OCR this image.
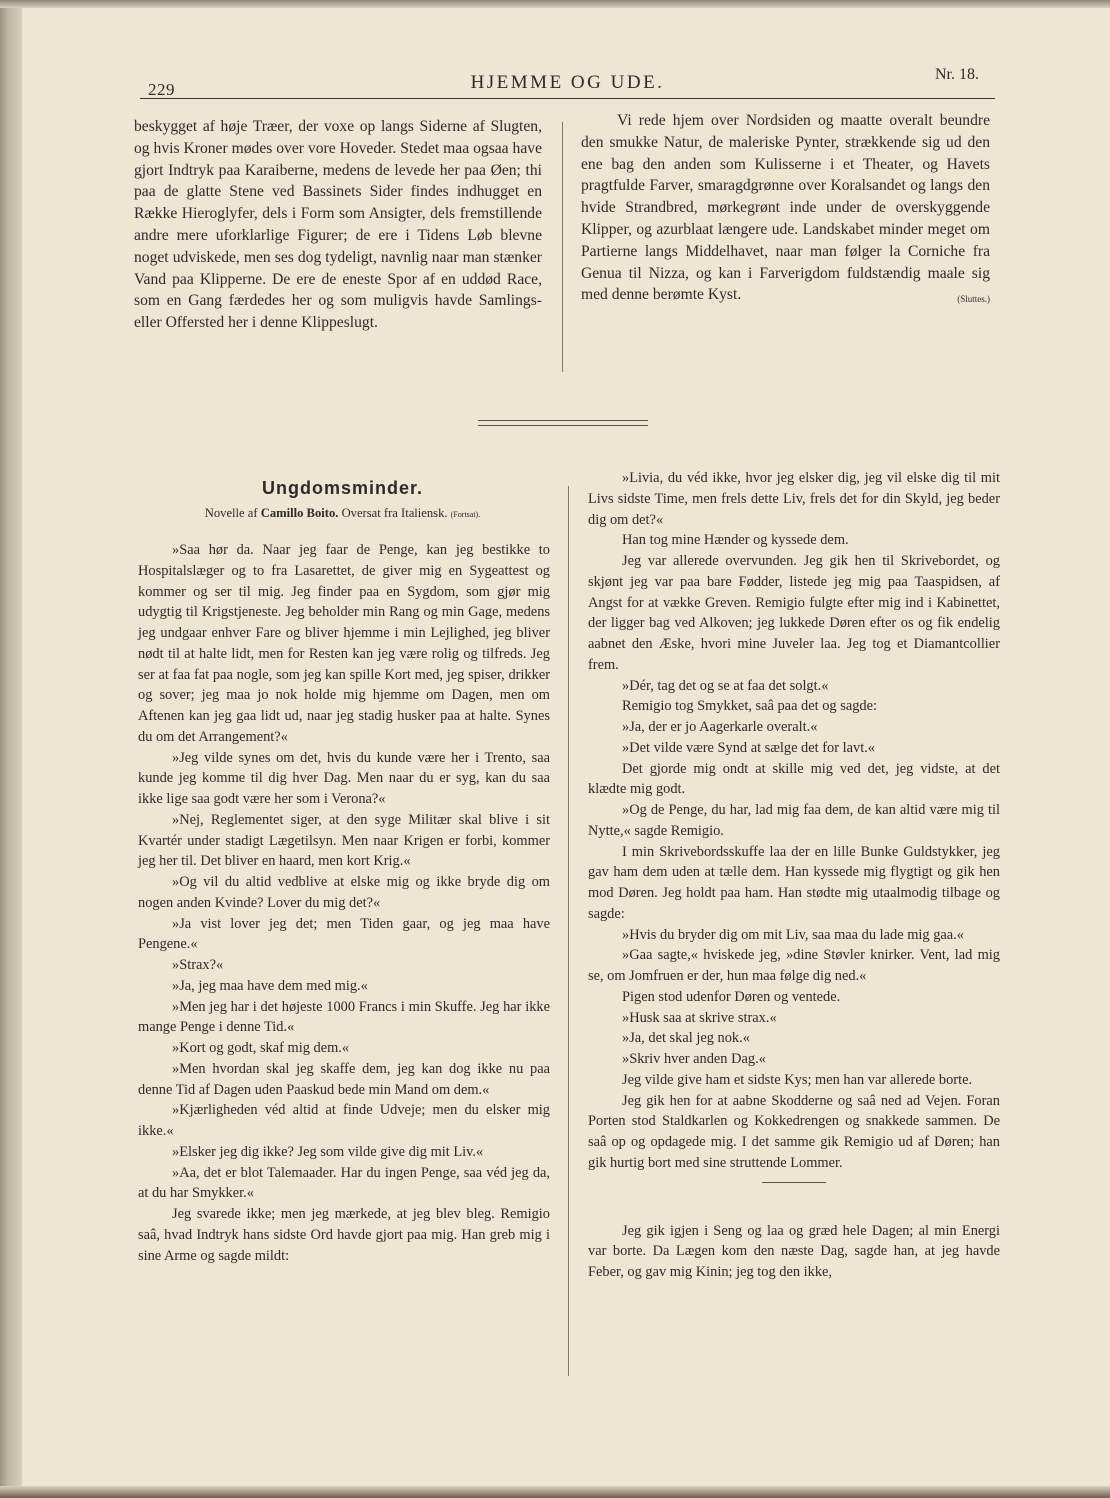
229	HJEMME OG UDE.	Nr. 18.

beskygget af høje Træer, der voxe op langs Siderne af Slugten, og hvis Kroner mødes over vore Hoveder. Stedet maa ogsaa have gjort Indtryk paa Karaiberne, medens de levede her paa Øen; thi paa de glatte Stene ved Bassinets Sider findes indhugget en Række Hieroglyfer, dels i Form som Ansigter, dels fremstillende andre mere uforklarlige Figurer; de ere i Tidens Løb blevne noget udviskede, men ses dog tydeligt, navnlig naar man stænker Vand paa Klipperne. De ere de eneste Spor af en uddød Race, som en Gang færdedes her og som muligvis havde Samlings- eller Offersted her i denne Klippeslugt.

Vi rede hjem over Nordsiden og maatte overalt beundre den smukke Natur, de maleriske Pynter, strækkende sig ud den ene bag den anden som Kulisserne i et Theater, og Havets pragtfulde Farver, smaragdgrønne over Koralsandet og langs den hvide Strandbred, mørkegrønt inde under de overskyggende Klipper, og azurblaat længere ude. Landskabet minder meget om Partierne langs Middelhavet, naar man følger la Corniche fra Genua til Nizza, og kan i Farverigdom fuldstændig maale sig med denne berømte Kyst.	(Sluttes.)

Ungdomsminder.
Novelle af Camillo Boito. Oversat fra Italiensk. (Fortsat).

»Saa hør da. Naar jeg faar de Penge, kan jeg bestikke to Hospitalslæger og to fra Lasarettet, de giver mig en Sygeattest og kommer og ser til mig. Jeg finder paa en Sygdom, som gjør mig udygtig til Krigstjeneste. Jeg beholder min Rang og min Gage, medens jeg undgaar enhver Fare og bliver hjemme i min Lejlighed, jeg bliver nødt til at halte lidt, men for Resten kan jeg være rolig og tilfreds. Jeg ser at faa fat paa nogle, som jeg kan spille Kort med, jeg spiser, drikker og sover; jeg maa jo nok holde mig hjemme om Dagen, men om Aftenen kan jeg gaa lidt ud, naar jeg stadig husker paa at halte. Synes du om det Arrangement?«

»Jeg vilde synes om det, hvis du kunde være her i Trento, saa kunde jeg komme til dig hver Dag. Men naar du er syg, kan du saa ikke lige saa godt være her som i Verona?«

»Nej, Reglementet siger, at den syge Militær skal blive i sit Kvartér under stadigt Lægetilsyn. Men naar Krigen er forbi, kommer jeg her til. Det bliver en haard, men kort Krig.«

»Og vil du altid vedblive at elske mig og ikke bryde dig om nogen anden Kvinde? Lover du mig det?«

»Ja vist lover jeg det; men Tiden gaar, og jeg maa have Pengene.«

»Strax?«

»Ja, jeg maa have dem med mig.«

»Men jeg har i det højeste 1000 Francs i min Skuffe. Jeg har ikke mange Penge i denne Tid.«

»Kort og godt, skaf mig dem.«

»Men hvordan skal jeg skaffe dem, jeg kan dog ikke nu paa denne Tid af Dagen uden Paaskud bede min Mand om dem.«

»Kjærligheden véd altid at finde Udveje; men du elsker mig ikke.«

»Elsker jeg dig ikke? Jeg som vilde give dig mit Liv.«

»Aa, det er blot Talemaader. Har du ingen Penge, saa véd jeg da, at du har Smykker.«

Jeg svarede ikke; men jeg mærkede, at jeg blev bleg. Remigio saâ, hvad Indtryk hans sidste Ord havde gjort paa mig. Han greb mig i sine Arme og sagde mildt:

»Livia, du véd ikke, hvor jeg elsker dig, jeg vil elske dig til mit Livs sidste Time, men frels dette Liv, frels det for din Skyld, jeg beder dig om det?«

Han tog mine Hænder og kyssede dem.

Jeg var allerede overvunden. Jeg gik hen til Skrivebordet, og skjønt jeg var paa bare Fødder, listede jeg mig paa Taaspidsen, af Angst for at vække Greven. Remigio fulgte efter mig ind i Kabinettet, der ligger bag ved Alkoven; jeg lukkede Døren efter os og fik endelig aabnet den Æske, hvori mine Juveler laa. Jeg tog et Diamantcollier frem.

»Dér, tag det og se at faa det solgt.«

Remigio tog Smykket, saâ paa det og sagde:

»Ja, der er jo Aagerkarle overalt.«

»Det vilde være Synd at sælge det for lavt.«

Det gjorde mig ondt at skille mig ved det, jeg vidste, at det klædte mig godt.

»Og de Penge, du har, lad mig faa dem, de kan altid være mig til Nytte,« sagde Remigio.

I min Skrivebordsskuffe laa der en lille Bunke Guldstykker, jeg gav ham dem uden at tælle dem. Han kyssede mig flygtigt og gik hen mod Døren. Jeg holdt paa ham. Han stødte mig utaalmodig tilbage og sagde:

»Hvis du bryder dig om mit Liv, saa maa du lade mig gaa.«

»Gaa sagte,« hviskede jeg, »dine Støvler knirker. Vent, lad mig se, om Jomfruen er der, hun maa følge dig ned.«

Pigen stod udenfor Døren og ventede.

»Husk saa at skrive strax.«

»Ja, det skal jeg nok.«

»Skriv hver anden Dag.«

Jeg vilde give ham et sidste Kys; men han var allerede borte.

Jeg gik hen for at aabne Skodderne og saâ ned ad Vejen. Foran Porten stod Staldkarlen og Kokkedrengen og snakkede sammen. De saâ op og opdagede mig. I det samme gik Remigio ud af Døren; han gik hurtig bort med sine struttende Lommer.

Jeg gik igjen i Seng og laa og græd hele Dagen; al min Energi var borte. Da Lægen kom den næste Dag, sagde han, at jeg havde Feber, og gav mig Kinin; jeg tog den ikke,
